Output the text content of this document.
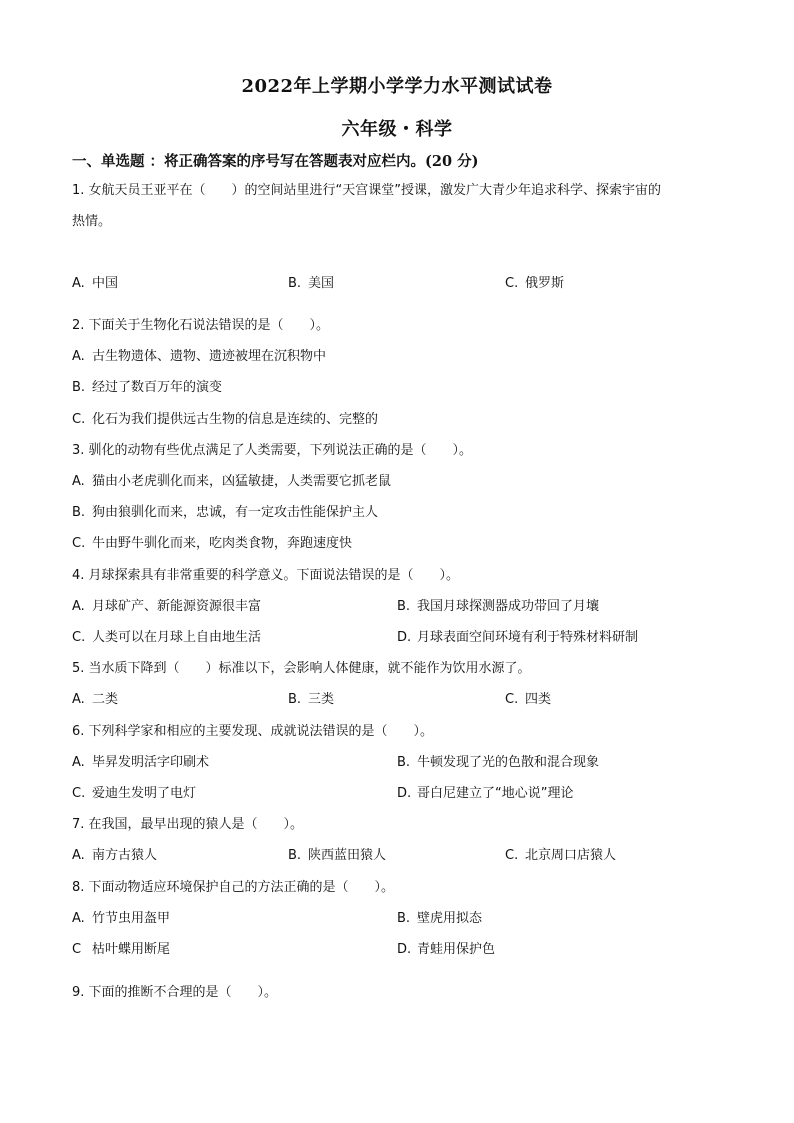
2022年上学期小学学力水平测试试卷
六年级・科学
一、单选题 ：将正确答案的序号写在答题表对应栏内。(20 分)
1. 女航天员王亚平在（　　）的空间站里进行“天宫课堂”授课，激发广大青少年追求科学、探索宇宙的
热情。
A. 中国	B. 美国	C. 俄罗斯
2. 下面关于生物化石说法错误的是（　　）。
A. 古生物遗体、遗物、遗迹被埋在沉积物中
B. 经过了数百万年的演变
C. 化石为我们提供远古生物的信息是连续的、完整的
3. 驯化的动物有些优点满足了人类需要，下列说法正确的是（　　）。
A. 猫由小老虎驯化而来，凶猛敏捷，人类需要它抓老鼠
B. 狗由狼驯化而来，忠诚，有一定攻击性能保护主人
C. 牛由野牛驯化而来，吃肉类食物，奔跑速度快
4. 月球探索具有非常重要的科学意义。下面说法错误的是（　　）。
A. 月球矿产、新能源资源很丰富	B. 我国月球探测器成功带回了月壤
C. 人类可以在月球上自由地生活	D. 月球表面空间环境有利于特殊材料研制
5. 当水质下降到（　　）标准以下，会影响人体健康，就不能作为饮用水源了。
A. 二类	B. 三类	C. 四类
6. 下列科学家和相应的主要发现、成就说法错误的是（　　）。
A. 毕昇发明活字印刷术	B. 牛顿发现了光的色散和混合现象
C. 爱迪生发明了电灯	D. 哥白尼建立了“地心说”理论
7. 在我国，最早出现的猿人是（　　）。
A. 南方古猿人	B. 陕西蓝田猿人	C. 北京周口店猿人
8. 下面动物适应环境保护自己的方法正确的是（　　）。
A. 竹节虫用盔甲	B. 壁虎用拟态
C 枯叶蝶用断尾	D. 青蛙用保护色
9. 下面的推断不合理的是（　　）。
